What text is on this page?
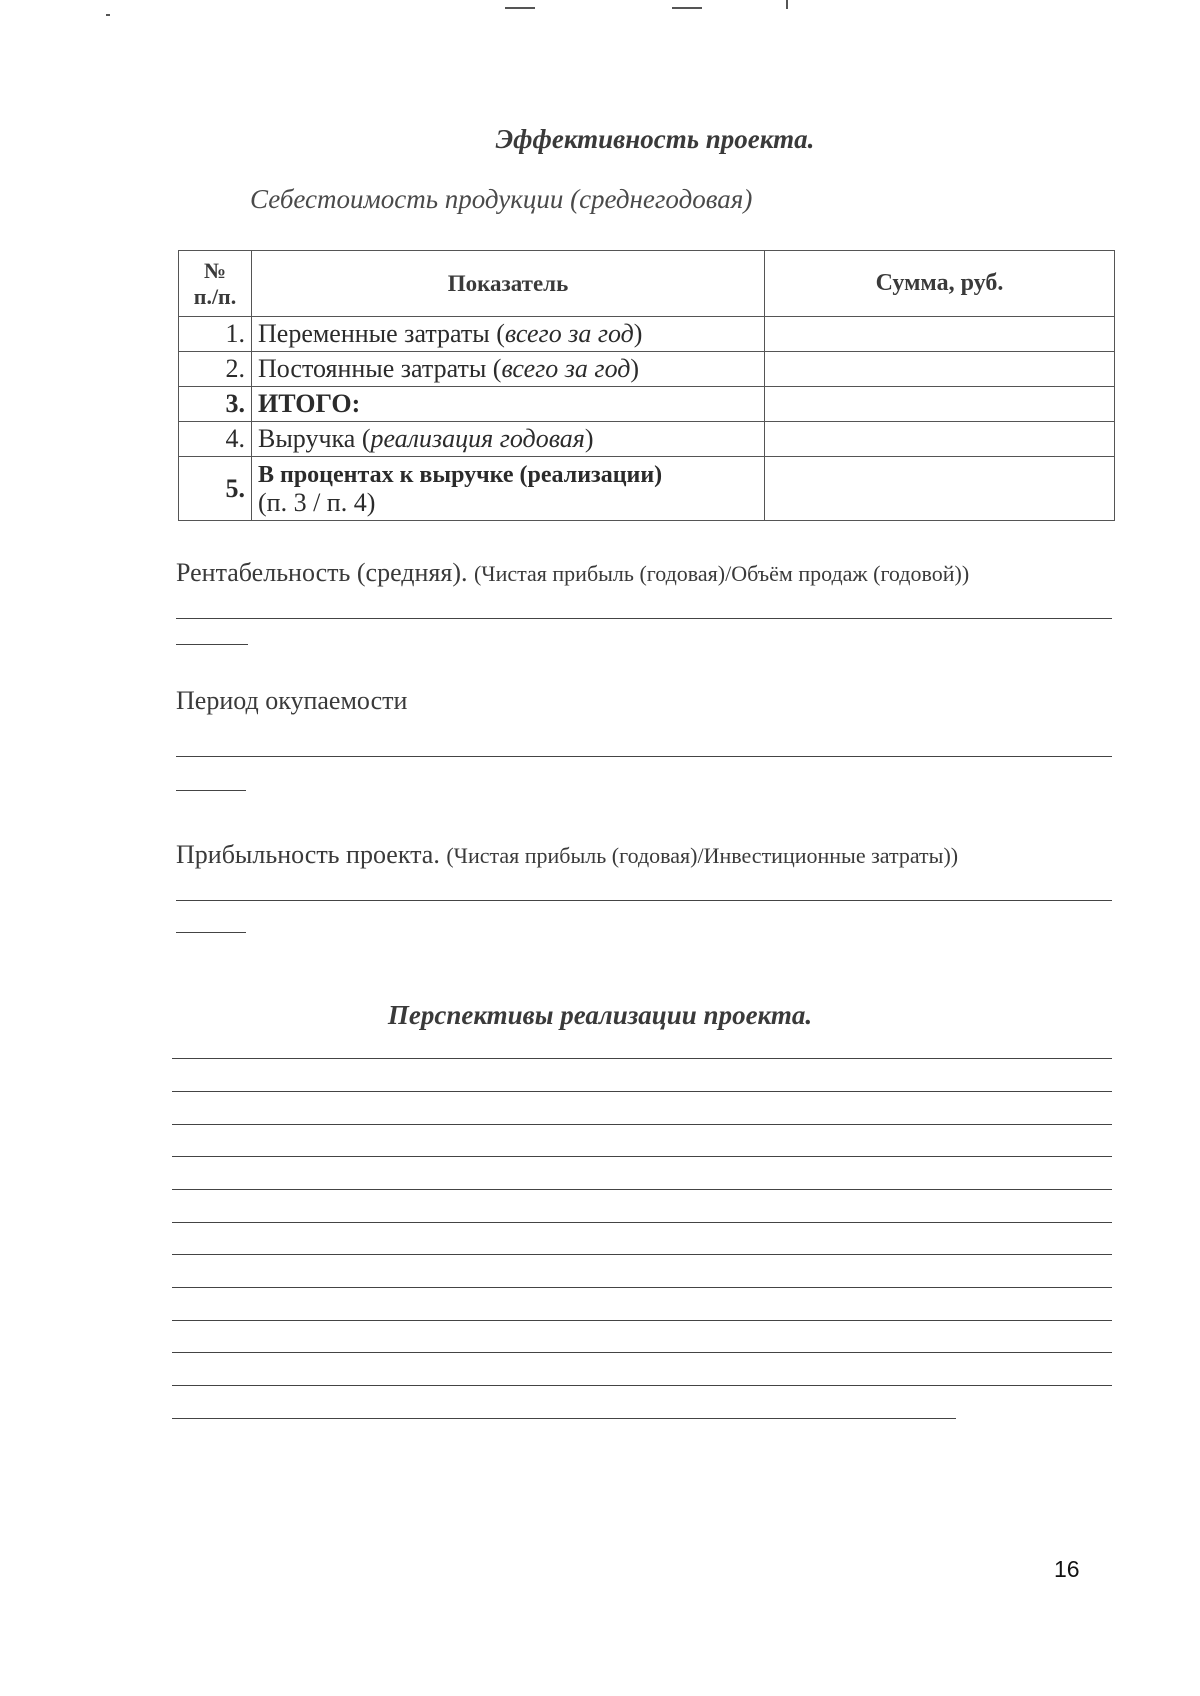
Эффективность проекта.
Себестоимость продукции (среднегодовая)
№
п./п.	Показатель	Сумма, руб.
1.	Переменные затраты (всего за год)	
2.	Постоянные затраты (всего за год)	
3.	ИТОГО:	
4.	Выручка (реализация годовая)	
5.	В процентах к выручке (реализации)
(п. 3 / п. 4)	

Рентабельность (средняя). (Чистая прибыль (годовая)/Объём продаж (годовой))
Период окупаемости
Прибыльность проекта. (Чистая прибыль (годовая)/Инвестиционные затраты))
Перспективы реализации проекта.
16
